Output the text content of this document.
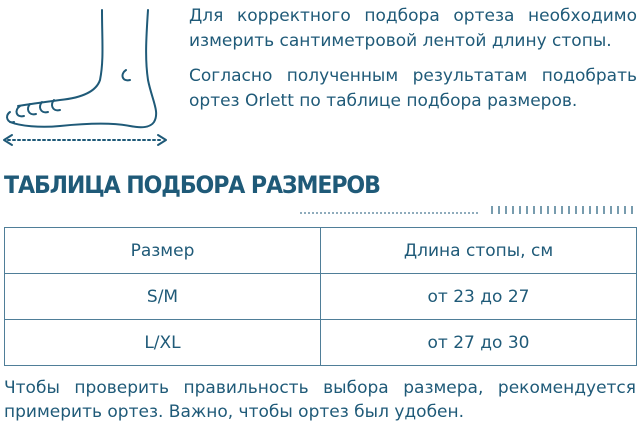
Для корректного подбора ортеза необходимо измерить сантиметровой лентой длину стопы.

Согласно полученным результатам подобрать ортез Orlett по таблице подбора размеров.

ТАБЛИЦА ПОДБОРА РАЗМЕРОВ
Размер	Длина стопы, см
S/M	от 23 до 27
L/XL	от 27 до 30

Чтобы проверить правильность выбора размера, рекомендуется примерить ортез. Важно, чтобы ортез был удобен.
